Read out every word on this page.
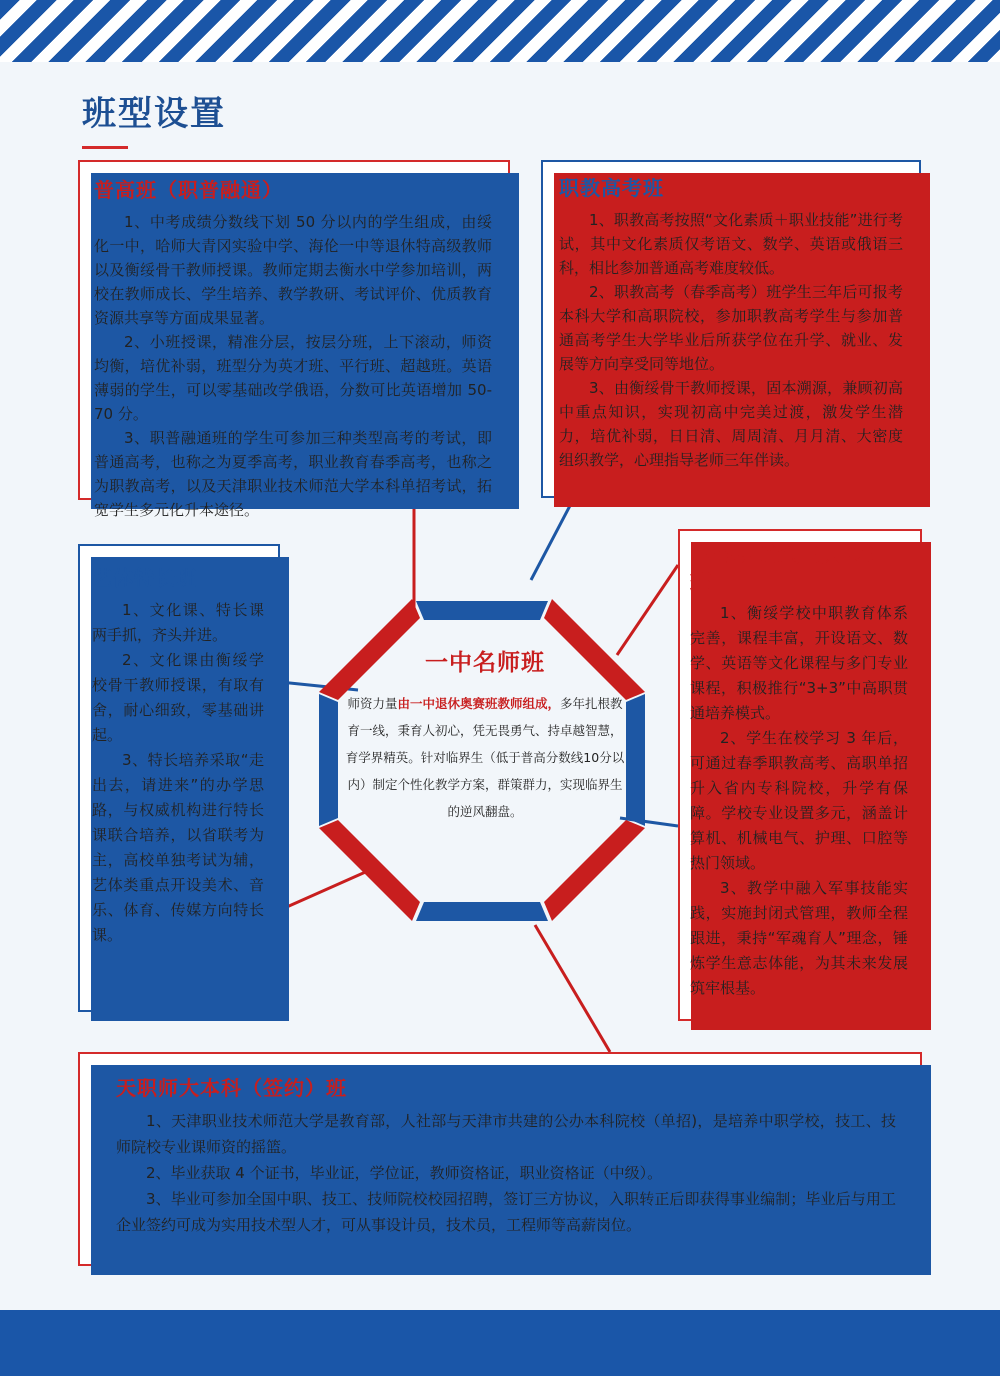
班型设置
一中名师班
师资力量由一中退休奥赛班教师组成，多年扎根教育一线，秉育人初心，凭无畏勇气、持卓越智慧，育学界精英。针对临界生（低于普高分数线10分以内）制定个性化教学方案，群策群力，实现临界生的逆风翻盘。
普高班（职普融通）

1、中考成绩分数线下划 50 分以内的学生组成，由绥化一中，哈师大青冈实验中学、海伦一中等退休特高级教师以及衡绥骨干教师授课。教师定期去衡水中学参加培训，两校在教师成长、学生培养、教学教研、考试评价、优质教育资源共享等方面成果显著。

2、小班授课，精准分层，按层分班，上下滚动，师资均衡，培优补弱，班型分为英才班、平行班、超越班。英语薄弱的学生，可以零基础改学俄语，分数可比英语增加 50-70 分。

3、职普融通班的学生可参加三种类型高考的考试，即普通高考，也称之为夏季高考，职业教育春季高考，也称之为职教高考，以及天津职业技术师范大学本科单招考试，拓宽学生多元化升本途径。

职教高考班

1、职教高考按照“文化素质＋职业技能”进行考试，其中文化素质仅考语文、数学、英语或俄语三科，相比参加普通高考难度较低。

2、职教高考（春季高考）班学生三年后可报考本科大学和高职院校，参加职教高考学生与参加普通高考学生大学毕业后所获学位在升学、就业、发展等方向享受同等地位。

3、由衡绥骨干教师授课，固本溯源，兼顾初高中重点知识，实现初高中完美过渡，激发学生潜力，培优补弱，日日清、周周清、月月清、大密度组织教学，心理指导老师三年伴读。

艺体特长班

1、文化课、特长课两手抓，齐头并进。

2、文化课由衡绥学校骨干教师授课，有取有舍，耐心细致，零基础讲起。

3、特长培养采取“走出去，请进来”的办学思路，与权威机构进行特长课联合培养，以省联考为主，高校单独考试为辅，艺体类重点开设美术、音乐、体育、传媒方向特长课。

中高职贯通（大专）班

1、衡绥学校中职教育体系完善，课程丰富，开设语文、数学、英语等文化课程与多门专业课程，积极推行“3+3”中高职贯通培养模式。

2、学生在校学习 3 年后，可通过春季职教高考、高职单招升入省内专科院校，升学有保障。学校专业设置多元，涵盖计算机、机械电气、护理、口腔等热门领域。

3、教学中融入军事技能实践，实施封闭式管理，教师全程跟进，秉持“军魂育人”理念，锤炼学生意志体能，为其未来发展筑牢根基。

天职师大本科（签约）班

1、天津职业技术师范大学是教育部，人社部与天津市共建的公办本科院校（单招)，是培养中职学校，技工、技师院校专业课师资的摇篮。

2、毕业获取 4 个证书，毕业证，学位证，教师资格证，职业资格证（中级）。

3、毕业可参加全国中职、技工、技师院校校园招聘，签订三方协议，入职转正后即获得事业编制；毕业后与用工企业签约可成为实用技术型人才，可从事设计员，技术员，工程师等高薪岗位。
